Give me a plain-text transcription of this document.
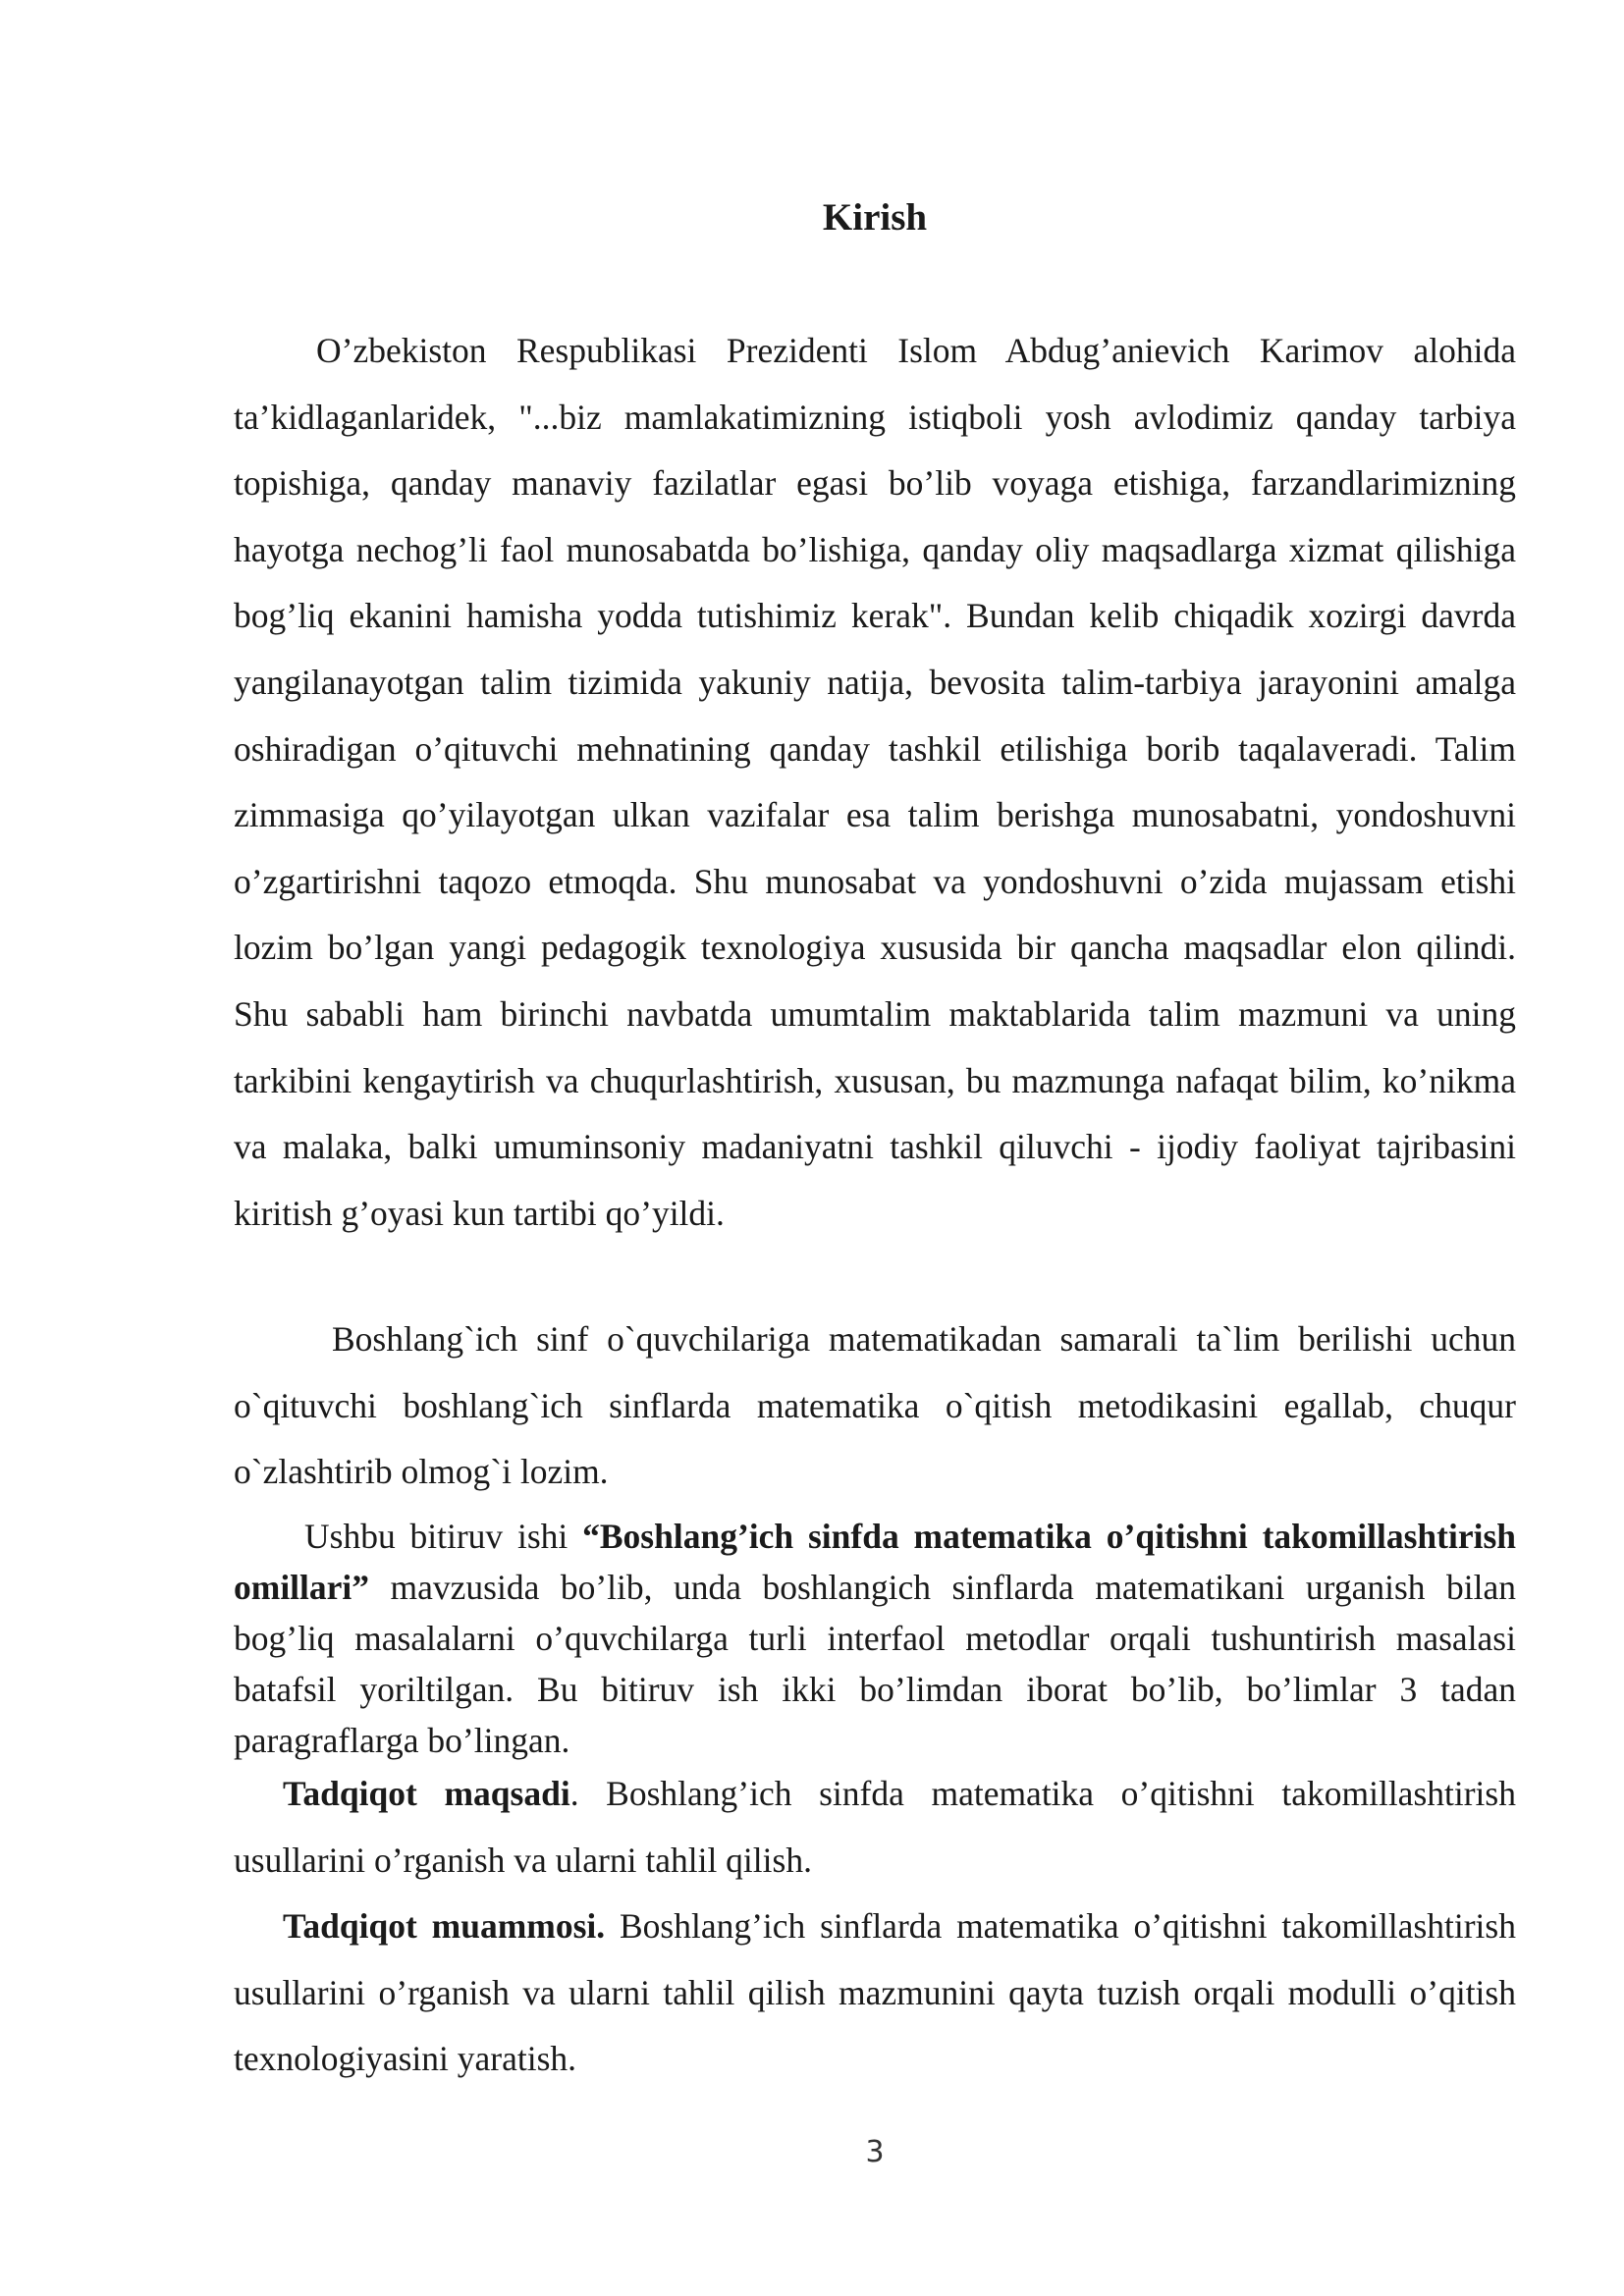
Kirish

O’zbekiston Respublikasi Prezidenti Islom Abdug’anievich Karimov alohida ta’kidlaganlaridek, "...biz mamlakatimizning istiqboli yosh avlodimiz qanday tarbiya topishiga, qanday manaviy fazilatlar egasi bo’lib voyaga etishiga, farzandlarimizning hayotga nechog’li faol munosabatda bo’lishiga, qanday oliy maqsadlarga xizmat qilishiga bog’liq ekanini hamisha yodda tutishimiz kerak". Bundan kelib chiqadik xozirgi davrda yangilanayotgan talim tizimida yakuniy natija, bevosita talim-tarbiya jarayonini amalga oshiradigan o’qituvchi mehnatining qanday tashkil etilishiga borib taqalaveradi. Talim zimmasiga qo’yilayotgan ulkan vazifalar esa talim berishga munosabatni, yondoshuvni o’zgartirishni taqozo etmoqda. Shu munosabat va yondoshuvni o’zida mujassam etishi lozim bo’lgan yangi pedagogik texnologiya xususida bir qancha maqsadlar elon qilindi. Shu sababli ham birinchi navbatda umumtalim maktablarida talim mazmuni va uning tarkibini kengaytirish va chuqurlashtirish, xususan, bu mazmunga nafaqat bilim, ko’nikma va malaka, balki umuminsoniy madaniyatni tashkil qiluvchi - ijodiy faoliyat tajribasini kiritish g’oyasi kun tartibi qo’yildi.

Boshlang`ich sinf o`quvchilariga matematikadan samarali ta`lim berilishi uchun o`qituvchi boshlang`ich sinflarda matematika o`qitish metodikasini egallab, chuqur o`zlashtirib olmog`i lozim.

Ushbu bitiruv ishi “Boshlang’ich sinfda matematika o’qitishni takomillashtirish omillari” mavzusida bo’lib, unda boshlangich sinflarda matematikani urganish bilan bog’liq masalalarni o’quvchilarga turli interfaol metodlar orqali tushuntirish masalasi batafsil yoriltilgan. Bu bitiruv ish ikki bo’limdan iborat bo’lib, bo’limlar 3 tadan paragraflarga bo’lingan.

Tadqiqot maqsadi. Boshlang’ich sinfda matematika o’qitishni takomillashtirish usullarini o’rganish va ularni tahlil qilish.

Tadqiqot muammosi. Boshlang’ich sinflarda matematika o’qitishni takomillashtirish usullarini o’rganish va ularni tahlil qilish mazmunini qayta tuzish orqali modulli o’qitish texnologiyasini yaratish.

3
